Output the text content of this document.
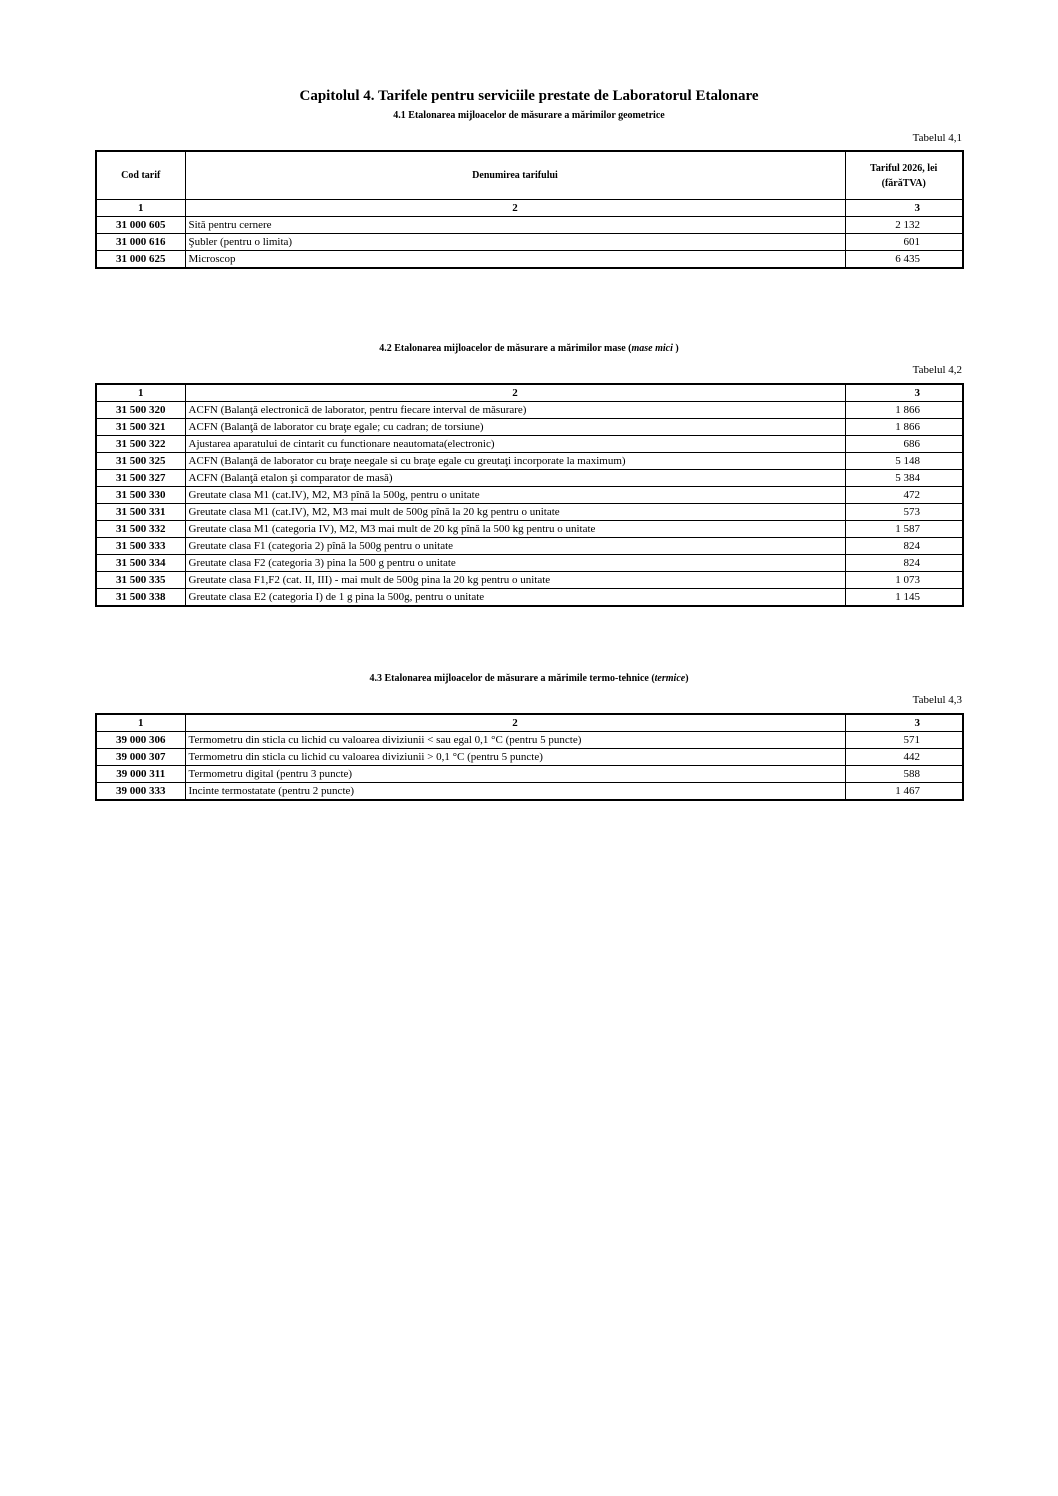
Capitolul 4. Tarifele pentru serviciile prestate de Laboratorul Etalonare
4.1 Etalonarea mijloacelor de măsurare a mărimilor geometrice
Tabelul 4,1
Cod tarif	Denumirea tarifului	Tariful 2026, lei (fărăTVA)
1	2	3
31 000 605	Sită pentru cernere	2 132
31 000 616	Şubler (pentru o limita)	601
31 000 625	Microscop	6 435
4.2 Etalonarea mijloacelor de măsurare a mărimilor mase (mase mici )
Tabelul 4,2
1	2	3
31 500 320	ACFN (Balanţă electronică de laborator, pentru fiecare interval de măsurare)	1 866
31 500 321	ACFN (Balanţă de laborator cu braţe egale; cu cadran; de torsiune)	1 866
31 500 322	Ajustarea aparatului de cintarit cu functionare neautomata(electronic)	686
31 500 325	ACFN (Balanţă de laborator cu braţe neegale si cu braţe egale cu greutaţi incorporate la maximum)	5 148
31 500 327	ACFN (Balanţă etalon şi comparator de masă)	5 384
31 500 330	Greutate clasa M1 (cat.IV), M2, M3 pînă la 500g, pentru o unitate	472
31 500 331	Greutate clasa M1 (cat.IV), M2, M3 mai mult de 500g pînă la 20 kg pentru o unitate	573
31 500 332	Greutate clasa M1 (categoria IV), M2, M3 mai mult de 20 kg pînă la 500 kg pentru o unitate	1 587
31 500 333	Greutate clasa F1 (categoria 2) pînă la 500g pentru o unitate	824
31 500 334	Greutate clasa F2 (categoria 3) pina la 500 g pentru o unitate	824
31 500 335	Greutate clasa F1,F2 (cat. II, III) - mai mult de 500g pina la 20 kg pentru o unitate	1 073
31 500 338	Greutate clasa E2 (categoria I) de 1 g pina la 500g, pentru o unitate	1 145
4.3 Etalonarea mijloacelor de măsurare a mărimile termo-tehnice (termice)
Tabelul 4,3
1	2	3
39 000 306	Termometru din sticla cu lichid cu valoarea diviziunii < sau egal 0,1 °C (pentru 5 puncte)	571
39 000 307	Termometru din sticla cu lichid cu valoarea diviziunii > 0,1 °C (pentru 5 puncte)	442
39 000 311	Termometru digital (pentru 3 puncte)	588
39 000 333	Incinte termostatate (pentru 2 puncte)	1 467
